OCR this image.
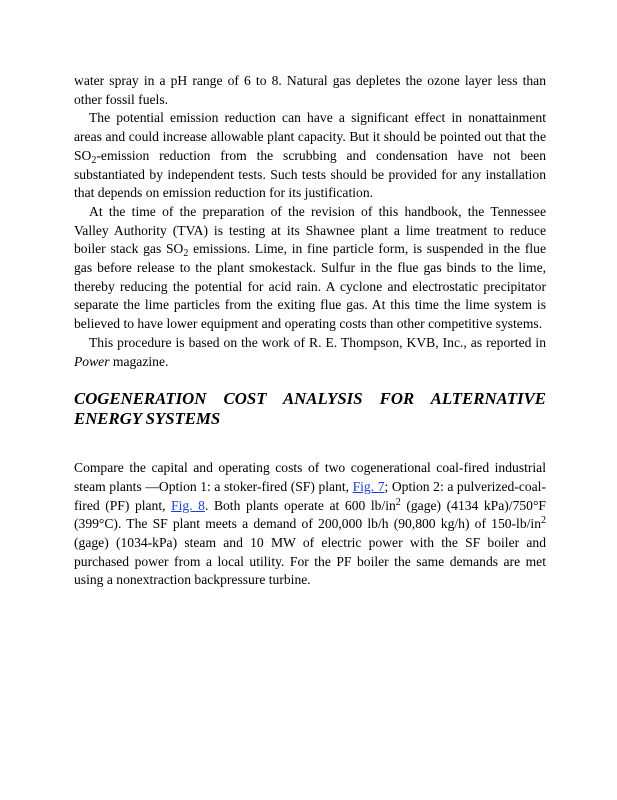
water spray in a pH range of 6 to 8. Natural gas depletes the ozone layer less than other fossil fuels.

The potential emission reduction can have a significant effect in nonattainment areas and could increase allowable plant capacity. But it should be pointed out that the $SO_2$-emission reduction from the scrubbing and condensation have not been substantiated by independent tests. Such tests should be provided for any installation that depends on emission reduction for its justification.

At the time of the preparation of the revision of this handbook, the Tennessee Valley Authority (TVA) is testing at its Shawnee plant a lime treatment to reduce boiler stack gas $SO_2$ emissions. Lime, in fine particle form, is suspended in the flue gas before release to the plant smokestack. Sulfur in the flue gas binds to the lime, thereby reducing the potential for acid rain. A cyclone and electrostatic precipitator separate the lime particles from the exiting flue gas. At this time the lime system is believed to have lower equipment and operating costs than other competitive systems.

This procedure is based on the work of R. E. Thompson, KVB, Inc., as reported in Power magazine.

COGENERATION COST ANALYSIS FOR ALTERNATIVE ENERGY SYSTEMS

Compare the capital and operating costs of two cogenerational coal-fired industrial steam plants —Option 1: a stoker-fired (SF) plant, Fig. 7; Option 2: a pulverized-coal-fired (PF) plant, Fig. 8. Both plants operate at 600 $lb/in^2$ (gage) (4134 kPa)/750°F (399°C). The SF plant meets a demand of 200,000 lb/h (90,800 kg/h) of $150-lb/in^2$ (gage) (1034-kPa) steam and 10 MW of electric power with the SF boiler and purchased power from a local utility. For the PF boiler the same demands are met using a nonextraction backpressure turbine.
